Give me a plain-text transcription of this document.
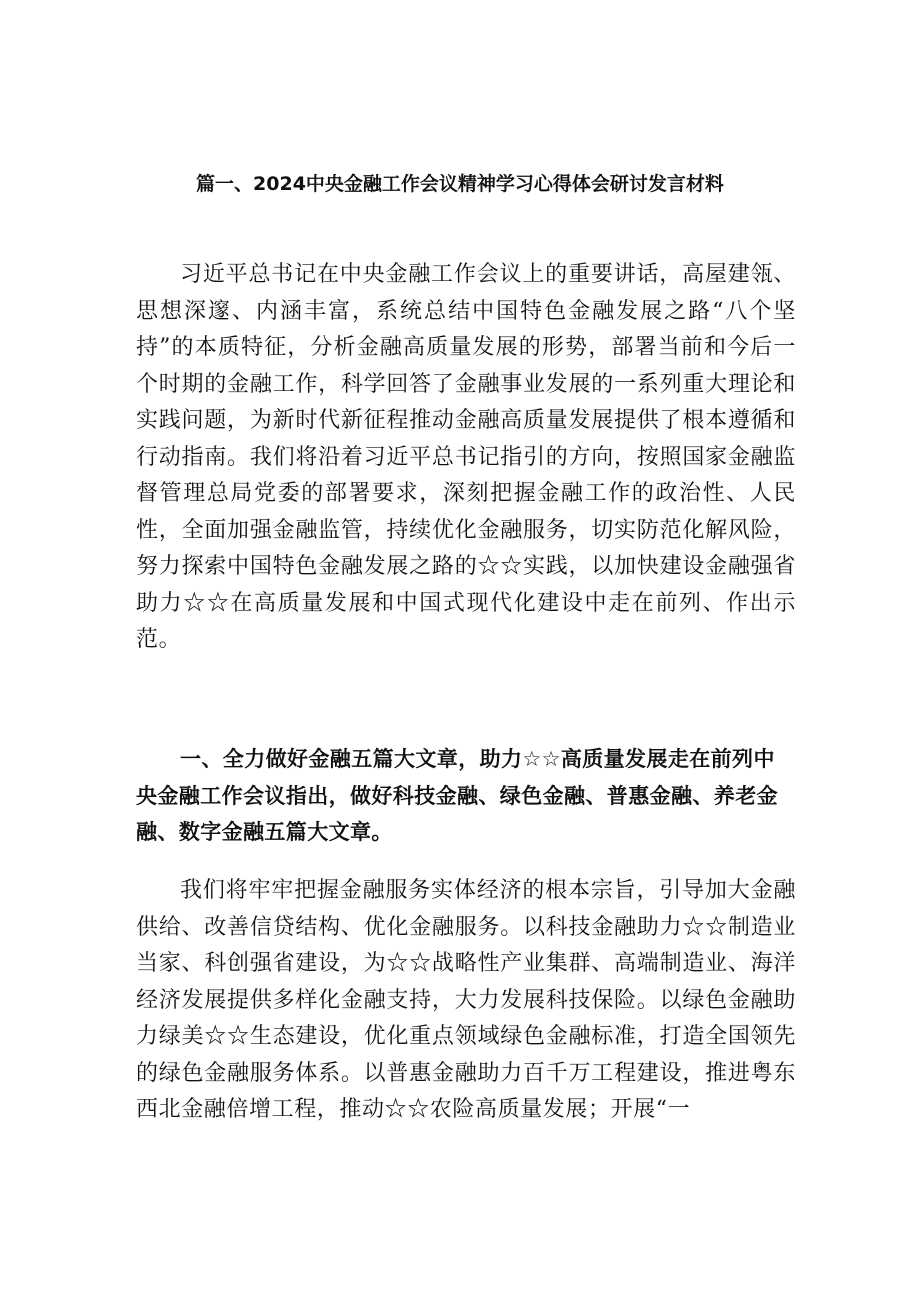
篇一、2024中央金融工作会议精神学习心得体会研讨发言材料

习近平总书记在中央金融工作会议上的重要讲话，高屋建瓴、思想深邃、内涵丰富，系统总结中国特色金融发展之路“八个坚持”的本质特征，分析金融高质量发展的形势，部署当前和今后一个时期的金融工作，科学回答了金融事业发展的一系列重大理论和实践问题，为新时代新征程推动金融高质量发展提供了根本遵循和行动指南。我们将沿着习近平总书记指引的方向，按照国家金融监督管理总局党委的部署要求，深刻把握金融工作的政治性、人民性，全面加强金融监管，持续优化金融服务，切实防范化解风险，努力探索中国特色金融发展之路的☆☆实践，以加快建设金融强省助力☆☆在高质量发展和中国式现代化建设中走在前列、作出示范。

一、全力做好金融五篇大文章，助力☆☆高质量发展走在前列中央金融工作会议指出，做好科技金融、绿色金融、普惠金融、养老金融、数字金融五篇大文章。

我们将牢牢把握金融服务实体经济的根本宗旨，引导加大金融供给、改善信贷结构、优化金融服务。以科技金融助力☆☆制造业当家、科创强省建设，为☆☆战略性产业集群、高端制造业、海洋经济发展提供多样化金融支持，大力发展科技保险。以绿色金融助力绿美☆☆生态建设，优化重点领域绿色金融标准，打造全国领先的绿色金融服务体系。以普惠金融助力百千万工程建设，推进粤东西北金融倍增工程，推动☆☆农险高质量发展；开展“一
